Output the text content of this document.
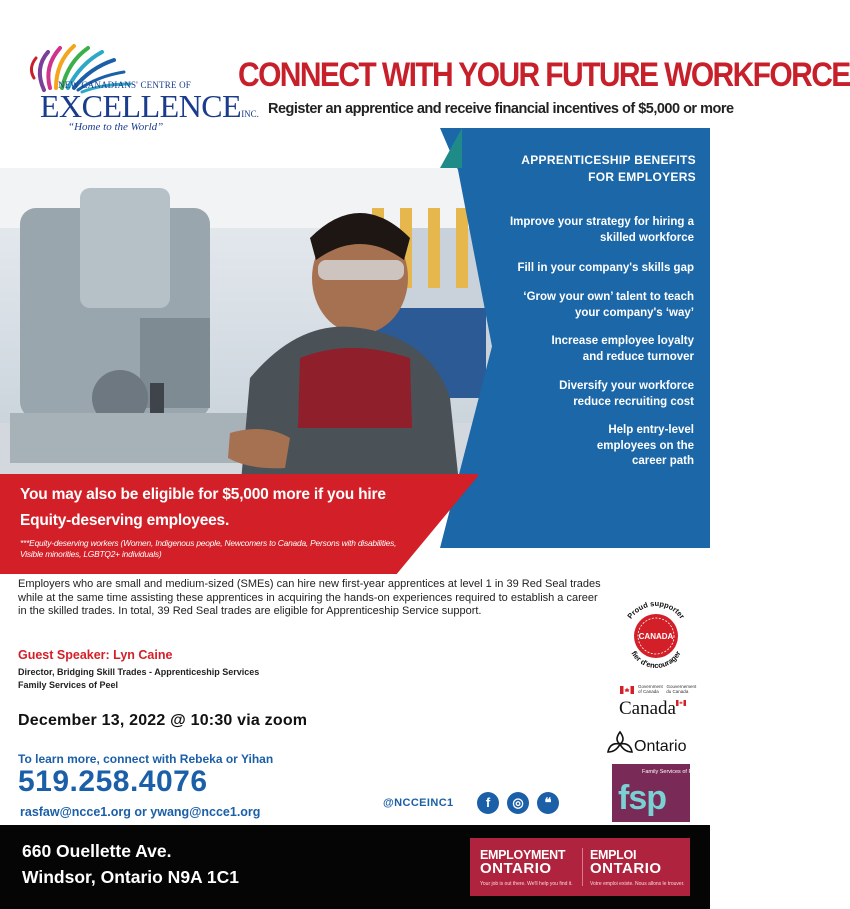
NEW CANADIANS' CENTRE OF
EXCELLENCEINC.
“Home to the World”
CONNECT WITH YOUR FUTURE WORKFORCE
Register an apprentice and receive financial incentives of $5,000 or more
APPRENTICESHIP BENEFITS
FOR EMPLOYERS
Improve your strategy for hiring a
skilled workforce
Fill in your company's skills gap
‘Grow your own’ talent to teach
your company's ‘way’
Increase employee loyalty
and reduce turnover
Diversify your workforce
reduce recruiting cost
Help entry-level
employees on the
career path
You may also be eligible for $5,000 more if you hire
Equity-deserving employees.
***Equity-deserving workers (Women, Indigenous people, Newcomers to Canada, Persons with disabilities, Visible minorities, LGBTQ2+ individuals)
Employers who are small and medium-sized (SMEs) can hire new first-year apprentices at level 1 in 39 Red Seal trades while at the same time assisting these apprentices in acquiring the hands-on experiences required to establish a career in the skilled trades. In total, 39 Red Seal trades are eligible for Apprenticeship Service support.
Guest Speaker: Lyn Caine
Director, Bridging Skill Trades - Apprenticeship Services
Family Services of Peel
December 13, 2022 @ 10:30 via zoom
To learn more, connect with Rebeka or Yihan
519.258.4076
rasfaw@ncce1.org or ywang@ncce1.org
@NCCEINC1	f	◎	❝
Proud supporter
fier d'encourager
CANADA
Government Gouvernement
of Canada du Canada
Canada
Ontario
Family Services of Peel
fsp
660 Ouellette Ave.
Windsor, Ontario N9A 1C1
EMPLOYMENT
ONTARIO
EMPLOI
ONTARIO
Your job is out there. We'll help you find it.	Votre emploi existe. Nous allons le trouver.
